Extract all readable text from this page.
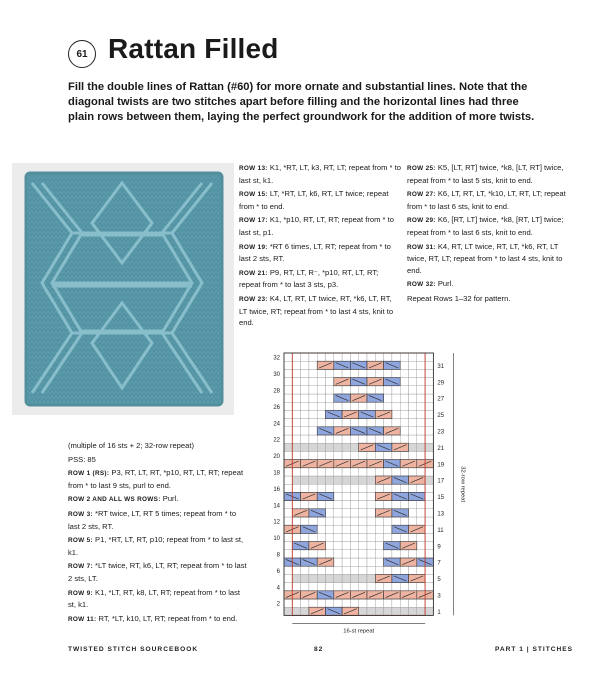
61 Rattan Filled
Fill the double lines of Rattan (#60) for more ornate and substantial lines. Note that the diagonal twists are two stitches apart before filling and the horizontal lines had three plain rows between them, laying the perfect groundwork for the addition of more twists.

ROW 13: K1, *RT, LT, k3, RT, LT; repeat from * to last st, k1.

ROW 15: LT, *RT, LT, k6, RT, LT twice; repeat from * to end.

ROW 17: K1, *p10, RT, LT, RT; repeat from * to last st, p1.

ROW 19: *RT 6 times, LT, RT; repeat from * to last 2 sts, RT.

ROW 21: P9, RT, LT, R⁻, *p10, RT, LT, RT; repeat from * to last 3 sts, p3.

ROW 23: K4, LT, RT, LT twice, RT, *k6, LT, RT, LT twice, RT; repeat from * to last 4 sts, knit to end.

ROW 25: K5, [LT, RT] twice, *k8, [LT, RT] twice, repeat from * to last 5 sts, knit to end.

ROW 27: K6, LT, RT, LT, *k10, LT, RT, LT; repeat from * to last 6 sts, knit to end.

ROW 29: K6, [RT, LT] twice, *k8, [RT, LT] twice; repeat from * to last 6 sts, knit to end.

ROW 31: K4, RT, LT twice, RT, LT, *k6, RT, LT twice, RT, LT; repeat from * to last 4 sts, knit to end.

ROW 32: Purl.

Repeat Rows 1–32 for pattern.

(multiple of 16 sts + 2; 32-row repeat)

PSS: 85

ROW 1 (RS): P3, RT, LT, RT, *p10, RT, LT, RT; repeat from * to last 9 sts, purl to end.

ROW 2 AND ALL WS ROWS: Purl.

ROW 3: *RT twice, LT, RT 5 times; repeat from * to last 2 sts, RT.

ROW 5: P1, *RT, LT, RT, p10; repeat from * to last st, k1.

ROW 7: *LT twice, RT, k6, LT, RT; repeat from * to last 2 sts, LT.

ROW 9: K1, *LT, RT, k8, LT, RT; repeat from * to last st, k1.

ROW 11: RT, *LT, k10, LT, RT; repeat from * to end.

32
30
28
26
24
22
20
18
16
14
12
10
8
6
4
2
31
29
27
25
23
21
19
17
15
13
11
9
7
5
3
1
32-row repeat
16-st repeat
TWISTED STITCH SOURCEBOOK	82	PART 1 | STITCHES
